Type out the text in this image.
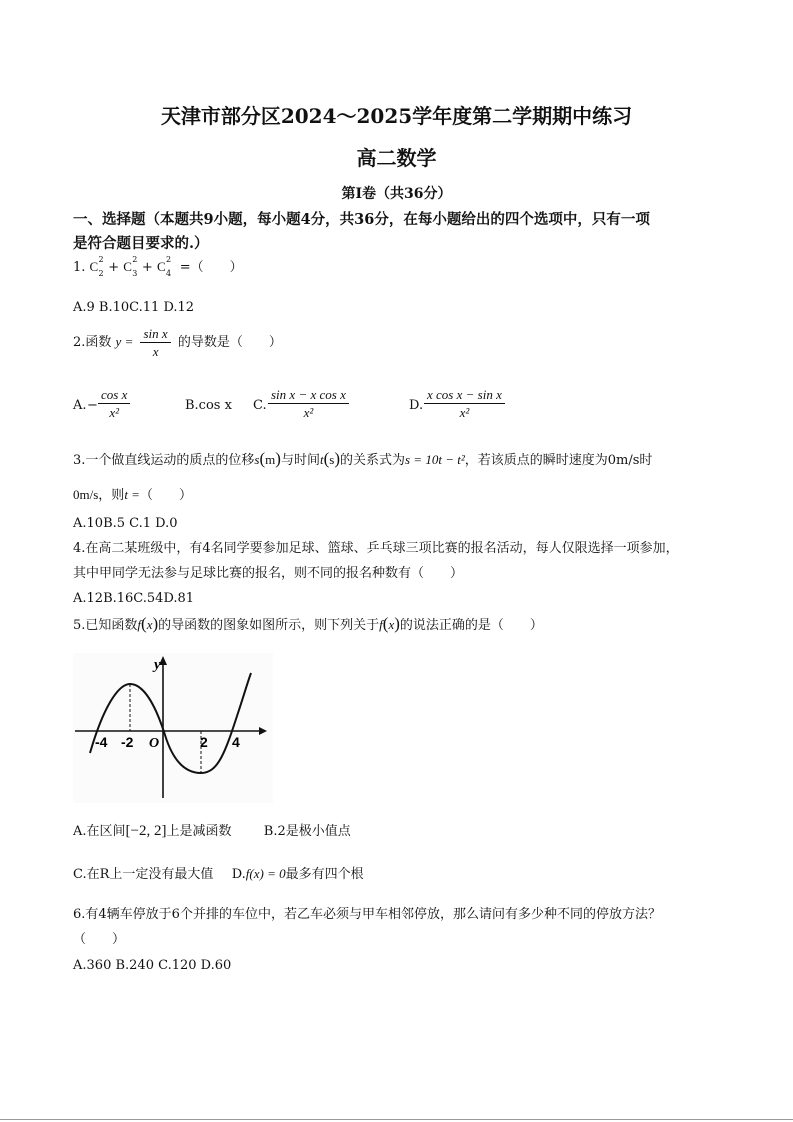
天津市部分区2024～2025学年度第二学期期中练习
高二数学
第Ⅰ卷（共36分）
一、选择题（本题共9小题，每小题4分，共36分，在每小题给出的四个选项中，只有一项
是符合题目要求的.）
1. C 2
2 + C 2
3 + C 2
4 =（　　）
A.9 B.10C.11 D.12
2.函数 $y = \frac{\text{sin x}}{x}$ 的导数是（　　）
A. − $\frac{\text{cos x}}{\text{x²}}$	B.cos x C. $\frac{\text{sin x − x cos x}}{\text{x²}}$	D. $\frac{\text{x cos x − sin x}}{\text{x²}}$
3.一个做直线运动的质点的位移s(m)与时间t(s)的关系式为s = 10t − t²，若该质点的瞬时速度为0m/s时
0m/s，则t =（　　）
A.10B.5 C.1 D.0
4.在高二某班级中，有4名同学要参加足球、篮球、乒乓球三项比赛的报名活动，每人仅限选择一项参加，
其中甲同学无法参与足球比赛的报名，则不同的报名种数有（　　）
A.12B.16C.54D.81
5.已知函数f(x)的导函数的图象如图所示，则下列关于f(x)的说法正确的是（　　）
y
O
-4 -2	2 4
A.在区间[−2, 2]上是减函数 B.2是极小值点
C.在R上一定没有最大值 D.f(x) = 0最多有四个根
6.有4辆车停放于6个并排的车位中，若乙车必须与甲车相邻停放，那么请问有多少种不同的停放方法？
（　　）
A.360 B.240 C.120 D.60
